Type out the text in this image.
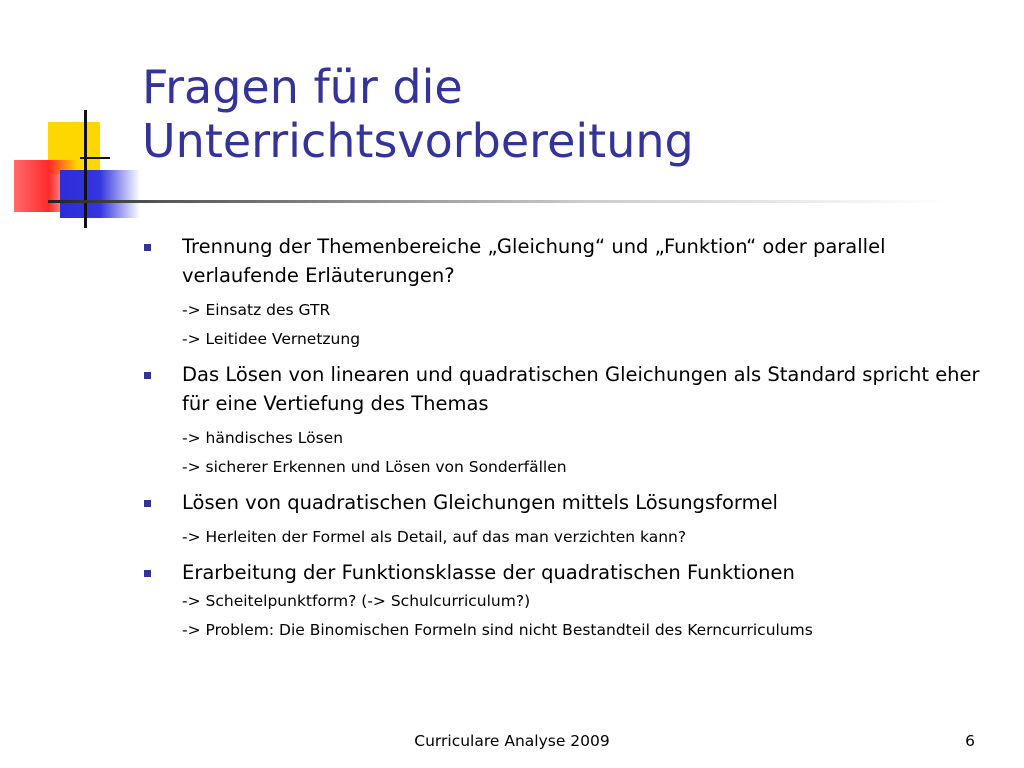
Fragen für die
Unterrichtsvorbereitung
Trennung der Themenbereiche „Gleichung“ und „Funktion“ oder parallel verlaufende Erläuterungen?
-> Einsatz des GTR
-> Leitidee Vernetzung
Das Lösen von linearen und quadratischen Gleichungen als Standard spricht eher für eine Vertiefung des Themas
-> händisches Lösen
-> sicherer Erkennen und Lösen von Sonderfällen
Lösen von quadratischen Gleichungen mittels Lösungsformel
-> Herleiten der Formel als Detail, auf das man verzichten kann?
Erarbeitung der Funktionsklasse der quadratischen Funktionen
-> Scheitelpunktform? (-> Schulcurriculum?)
-> Problem: Die Binomischen Formeln sind nicht Bestandteil des Kerncurriculums
Curriculare Analyse 2009	6
